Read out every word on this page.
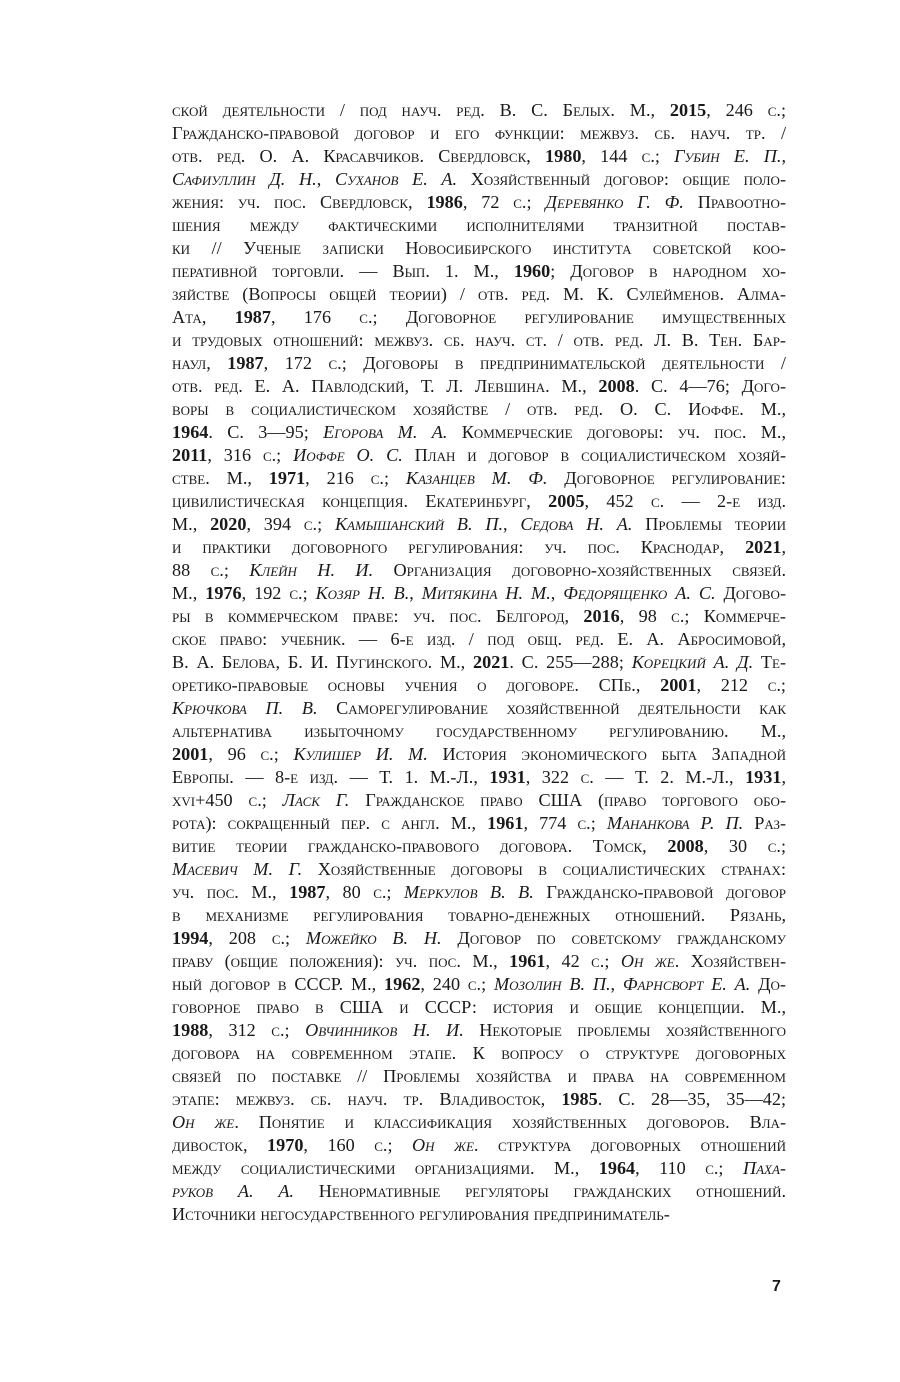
ской деятельности / под науч. ред. В. С. Белых. М., 2015, 246 с.;
Гражданско-правовой договор и его функции: межвуз. сб. науч. тр. /
отв. ред. О. А. Красавчиков. Свердловск, 1980, 144 с.; Губин Е. П.,
Сафиуллин Д. Н., Суханов Е. А. Хозяйственный договор: общие поло-
жения: уч. пос. Свердловск, 1986, 72 с.; Деревянко Г. Ф. Правоотно-
шения между фактическими исполнителями транзитной постав-
ки // Ученые записки Новосибирского института советской коо-
перативной торговли. — Вып. 1. М., 1960; Договор в народном хо-
зяйстве (Вопросы общей теории) / отв. ред. М. К. Сулейменов. Алма-
Ата, 1987, 176 с.; Договорное регулирование имущественных
и трудовых отношений: межвуз. сб. науч. ст. / отв. ред. Л. В. Тен. Бар-
наул, 1987, 172 с.; Договоры в предпринимательской деятельности /
отв. ред. Е. А. Павлодский, Т. Л. Левшина. М., 2008. С. 4—76; Дого-
воры в социалистическом хозяйстве / отв. ред. О. С. Иоффе. М.,
1964. С. 3—95; Егорова М. А. Коммерческие договоры: уч. пос. М.,
2011, 316 с.; Иоффе О. С. План и договор в социалистическом хозяй-
стве. М., 1971, 216 с.; Казанцев М. Ф. Договорное регулирование:
цивилистическая концепция. Екатеринбург, 2005, 452 с. — 2-е изд.
М., 2020, 394 с.; Камышанский В. П., Седова Н. А. Проблемы теории
и практики договорного регулирования: уч. пос. Краснодар, 2021,
88 с.; Клейн Н. И. Организация договорно-хозяйственных связей.
М., 1976, 192 с.; Козяр Н. В., Митякина Н. М., Федорященко А. С. Догово-
ры в коммерческом праве: уч. пос. Белгород, 2016, 98 с.; Коммерче-
ское право: учебник. — 6-е изд. / под общ. ред. Е. А. Абросимовой,
В. А. Белова, Б. И. Пугинского. М., 2021. С. 255—288; Корецкий А. Д. Те-
оретико-правовые основы учения о договоре. СПб., 2001, 212 с.;
Крючкова П. В. Саморегулирование хозяйственной деятельности как
альтернатива избыточному государственному регулированию. М.,
2001, 96 с.; Кулишер И. М. История экономического быта Западной
Европы. — 8-е изд. — Т. 1. М.-Л., 1931, 322 с. — Т. 2. М.-Л., 1931,
xvi+450 с.; Ласк Г. Гражданское право США (право торгового обо-
рота): сокращенный пер. с англ. М., 1961, 774 с.; Мананкова Р. П. Раз-
витие теории гражданско-правового договора. Томск, 2008, 30 с.;
Масевич М. Г. Хозяйственные договоры в социалистических странах:
уч. пос. М., 1987, 80 с.; Меркулов В. В. Гражданско-правовой договор
в механизме регулирования товарно-денежных отношений. Рязань,
1994, 208 с.; Можейко В. Н. Договор по советскому гражданскому
праву (общие положения): уч. пос. М., 1961, 42 с.; Он же. Хозяйствен-
ный договор в СССР. М., 1962, 240 с.; Мозолин В. П., Фарнсворт Е. А. До-
говорное право в США и СССР: история и общие концепции. М.,
1988, 312 с.; Овчинников Н. И. Некоторые проблемы хозяйственного
договора на современном этапе. К вопросу о структуре договорных
связей по поставке // Проблемы хозяйства и права на современном
этапе: межвуз. сб. науч. тр. Владивосток, 1985. С. 28—35, 35—42;
Он же. Понятие и классификация хозяйственных договоров. Вла-
дивосток, 1970, 160 с.; Он же. структура договорных отношений
между социалистическими организациями. М., 1964, 110 с.; Паха-
руков А. А. Ненормативные регуляторы гражданских отношений.
Источники негосударственного регулирования предприниматель-
7
